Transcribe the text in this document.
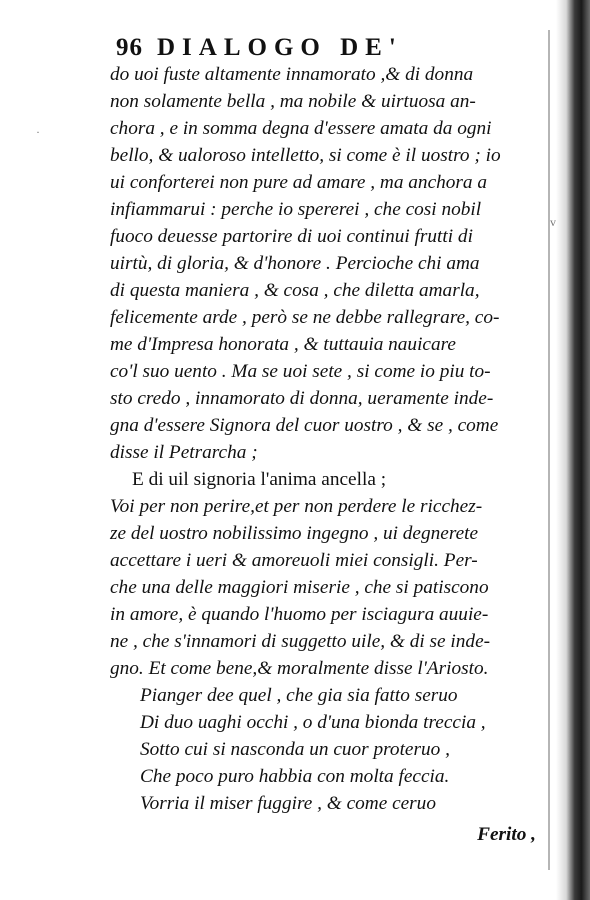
·
v
96 DIALOGO DE'
do uoi fuste altamente innamorato ,& di donna
non solamente bella , ma nobile & uirtuosa an-
chora , e in somma degna d'essere amata da ogni
bello, & ualoroso intelletto, si come è il uostro ; io
ui conforterei non pure ad amare , ma anchora a
infiammarui : perche io spererei , che cosi nobil
fuoco deuesse partorire di uoi continui frutti di
uirtù, di gloria, & d'honore . Percioche chi ama
di questa maniera , & cosa , che diletta amarla,
felicemente arde , però se ne debbe rallegrare, co-
me d'Impresa honorata , & tuttauia nauicare
co'l suo uento . Ma se uoi sete , si come io piu to-
sto credo , innamorato di donna, ueramente inde-
gna d'essere Signora del cuor uostro , & se , come
disse il Petrarcha ;
E di uil signoria l'anima ancella ;
Voi per non perire,et per non perdere le ricchez-
ze del uostro nobilissimo ingegno , ui degnerete
accettare i ueri & amoreuoli miei consigli. Per-
che una delle maggiori miserie , che si patiscono
in amore, è quando l'huomo per isciagura auuie-
ne , che s'innamori di suggetto uile, & di se inde-
gno. Et come bene,& moralmente disse l'Ariosto.
Pianger dee quel , che gia sia fatto seruo
Di duo uaghi occhi , o d'una bionda treccia ,
Sotto cui si nasconda un cuor proteruo ,
Che poco puro habbia con molta feccia.
Vorria il miser fuggire , & come ceruo
Ferito ,
